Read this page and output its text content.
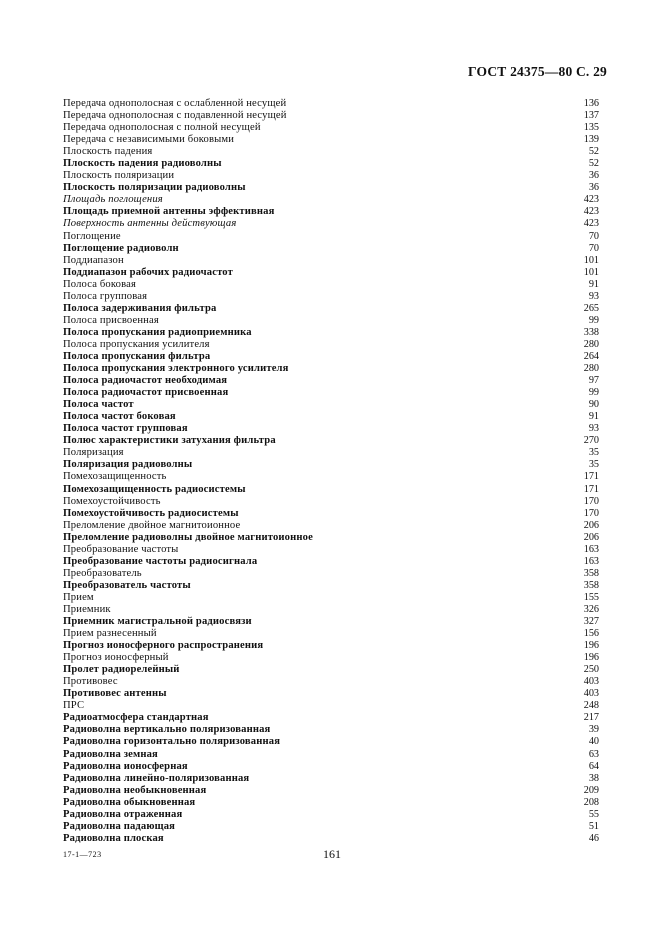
ГОСТ 24375—80 С. 29
Передача однополосная с ослабленной несущей	136
Передача однополосная с подавленной несущей	137
Передача однополосная с полной несущей	135
Передача с независимыми боковыми	139
Плоскость падения	52
Плоскость падения радиоволны	52
Плоскость поляризации	36
Плоскость поляризации радиоволны	36
Площадь поглощения	423
Площадь приемной антенны эффективная	423
Поверхность антенны действующая	423
Поглощение	70
Поглощение радиоволн	70
Поддиапазон	101
Поддиапазон рабочих радиочастот	101
Полоса боковая	91
Полоса групповая	93
Полоса задерживания фильтра	265
Полоса присвоенная	99
Полоса пропускания радиоприемника	338
Полоса пропускания усилителя	280
Полоса пропускания фильтра	264
Полоса пропускания электронного усилителя	280
Полоса радиочастот необходимая	97
Полоса радиочастот присвоенная	99
Полоса частот	90
Полоса частот боковая	91
Полоса частот групповая	93
Полюс характеристики затухания фильтра	270
Поляризация	35
Поляризация радиоволны	35
Помехозащищенность	171
Помехозащищенность радиосистемы	171
Помехоустойчивость	170
Помехоустойчивость радиосистемы	170
Преломление двойное магнитоионное	206
Преломление радиоволны двойное магнитоионное	206
Преобразование частоты	163
Преобразование частоты радиосигнала	163
Преобразователь	358
Преобразователь частоты	358
Прием	155
Приемник	326
Приемник магистральной радиосвязи	327
Прием разнесенный	156
Прогноз ионосферного распространения	196
Прогноз ионосферный	196
Пролет радиорелейный	250
Противовес	403
Противовес антенны	403
ПРС	248
Радиоатмосфера стандартная	217
Радиоволна вертикально поляризованная	39
Радиоволна горизонтально поляризованная	40
Радиоволна земная	63
Радиоволна ионосферная	64
Радиоволна линейно-поляризованная	38
Радиоволна необыкновенная	209
Радиоволна обыкновенная	208
Радиоволна отраженная	55
Радиоволна падающая	51
Радиоволна плоская	46
17-1—723	161
